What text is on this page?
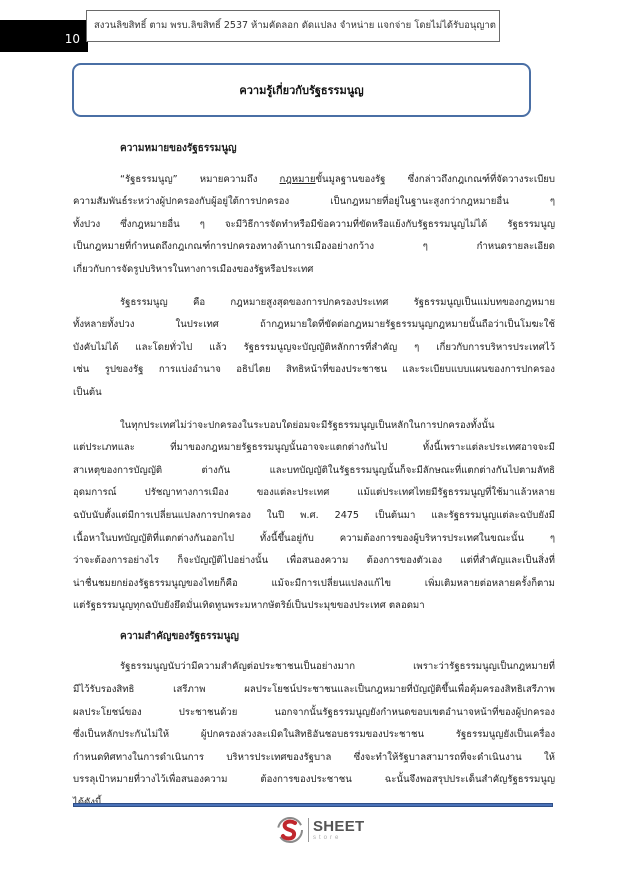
10
สงวนลิขสิทธิ์ ตาม พรบ.ลิขสิทธิ์ 2537 ห้ามคัดลอก ดัดแปลง จำหน่าย แจกจ่าย โดยไม่ได้รับอนุญาต
ความรู้เกี่ยวกับรัฐธรรมนูญ

ความหมายของรัฐธรรมนูญ

“รัฐธรรมนูญ” หมายความถึง กฎหมายขั้นมูลฐานของรัฐ ซึ่งกล่าวถึงกฎเกณฑ์ที่จัดวางระเบียบ
ความสัมพันธ์ระหว่างผู้ปกครองกับผู้อยู่ใต้การปกครอง เป็นกฎหมายที่อยู่ในฐานะสูงกว่ากฎหมายอื่น ๆ
ทั้งปวง ซึ่งกฎหมายอื่น ๆ จะมีวิธีการจัดทำหรือมีข้อความที่ขัดหรือแย้งกับรัฐธรรมนูญไม่ได้ รัฐธรรมนูญ
เป็นกฎหมายที่กำหนดถึงกฎเกณฑ์การปกครองทางด้านการเมืองอย่างกว้าง ๆ กำหนดรายละเอียด
เกี่ยวกับการจัดรูปบริหารในทางการเมืองของรัฐหรือประเทศ
รัฐธรรมนูญ คือ กฎหมายสูงสุดของการปกครองประเทศ รัฐธรรมนูญเป็นแม่บทของกฎหมาย
ทั้งหลายทั้งปวง ในประเทศ ถ้ากฎหมายใดที่ขัดต่อกฎหมายรัฐธรรมนูญกฎหมายนั้นถือว่าเป็นโมฆะใช้
บังคับไม่ได้ และโดยทั่วไป แล้ว รัฐธรรมนูญจะบัญญัติหลักการที่สำคัญ ๆ เกี่ยวกับการบริหารประเทศไว้
เช่น รูปของรัฐ การแบ่งอำนาจ อธิปไตย สิทธิหน้าที่ของประชาชน และระเบียบแบบแผนของการปกครอง
เป็นต้น
ในทุกประเทศไม่ว่าจะปกครองในระบอบใดย่อมจะมีรัฐธรรมนูญเป็นหลักในการปกครองทั้งนั้น
แต่ประเภทและ ที่มาของกฎหมายรัฐธรรมนูญนั้นอาจจะแตกต่างกันไป ทั้งนี้เพราะแต่ละประเทศอาจจะมี
สาเหตุของการบัญญัติ ต่างกัน และบทบัญญัติในรัฐธรรมนูญนั้นก็จะมีลักษณะที่แตกต่างกันไปตามลัทธิ
อุดมการณ์ ปรัชญาทางการเมือง ของแต่ละประเทศ แม้แต่ประเทศไทยมีรัฐธรรมนูญที่ใช้มาแล้วหลาย
ฉบับนับตั้งแต่มีการเปลี่ยนแปลงการปกครอง ในปี พ.ศ. 2475 เป็นต้นมา และรัฐธรรมนูญแต่ละฉบับยังมี
เนื้อหาในบทบัญญัติที่แตกต่างกันออกไป ทั้งนี้ขึ้นอยู่กับ ความต้องการของผู้บริหารประเทศในขณะนั้น ๆ
ว่าจะต้องการอย่างไร ก็จะบัญญัติไปอย่างนั้น เพื่อสนองความ ต้องการของตัวเอง แต่ที่สำคัญและเป็นสิ่งที่
น่าชื่นชมยกย่องรัฐธรรมนูญของไทยก็คือ แม้จะมีการเปลี่ยนแปลงแก้ไข เพิ่มเติมหลายต่อหลายครั้งก็ตาม
แต่รัฐธรรมนูญทุกฉบับยังยึดมั่นเทิดทูนพระมหากษัตริย์เป็นประมุขของประเทศ ตลอดมา

ความสำคัญของรัฐธรรมนูญ

รัฐธรรมนูญนับว่ามีความสำคัญต่อประชาชนเป็นอย่างมาก เพราะว่ารัฐธรรมนูญเป็นกฎหมายที่
มีไว้รับรองสิทธิ เสรีภาพ ผลประโยชน์ประชาชนและเป็นกฎหมายที่บัญญัติขึ้นเพื่อคุ้มครองสิทธิเสรีภาพ
ผลประโยชน์ของ ประชาชนด้วย นอกจากนั้นรัฐธรรมนูญยังกำหนดขอบเขตอำนาจหน้าที่ของผู้ปกครอง
ซึ่งเป็นหลักประกันไม่ให้ ผู้ปกครองล่วงละเมิดในสิทธิอันชอบธรรมของประชาชน รัฐธรรมนูญยังเป็นเครื่อง
กำหนดทิศทางในการดำเนินการ บริหารประเทศของรัฐบาล ซึ่งจะทำให้รัฐบาลสามารถที่จะดำเนินงาน ให้
บรรลุเป้าหมายที่วางไว้เพื่อสนองความ ต้องการของประชาชน ฉะนั้นจึงพอสรุปประเด็นสำคัญรัฐธรรมนูญ
SHEET
store
